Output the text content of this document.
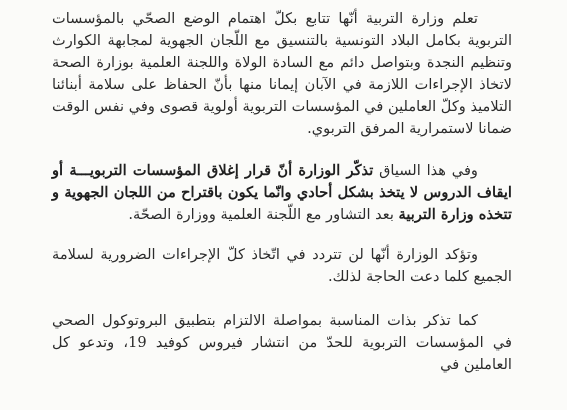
تعلم وزارة التربية أنّها تتابع بكلّ اهتمام الوضع الصحّي بالمؤسسات التربوية بكامل البلاد التونسية بالتنسيق مع اللّجان الجهوية لمجابهة الكوارث وتنظيم النجدة وبتواصل دائم مع السادة الولاة واللجنة العلمية بوزارة الصحة لاتخاذ الإجراءات اللازمة في الآبان إيمانا منها بأنّ الحفاظ على سلامة أبنائنا التلاميذ وكلّ العاملين في المؤسسات التربوية أولوية قصوى وفي نفس الوقت ضمانا لاستمرارية المرفق التربوي.

وفي هذا السياق تذكّر الوزارة أنّ قرار إغلاق المؤسسات التربويـــة أو ايقاف الدروس لا يتخذ بشكل أحادي وانّما يكون باقتراح من اللجان الجهوية و تتخذه وزارة التربية بعد التشاور مع اللّجنة العلمية ووزارة الصحّة.

وتؤكد الوزارة أنّها لن تتردد في اتّخاذ كلّ الإجراءات الضرورية لسلامة الجميع كلما دعت الحاجة لذلك.

كما تذكر بذات المناسبة بمواصلة الالتزام بتطبيق البروتوكول الصحي في المؤسسات التربوية للحدّ من انتشار فيروس كوفيد 19، وتدعو كل العاملين في
